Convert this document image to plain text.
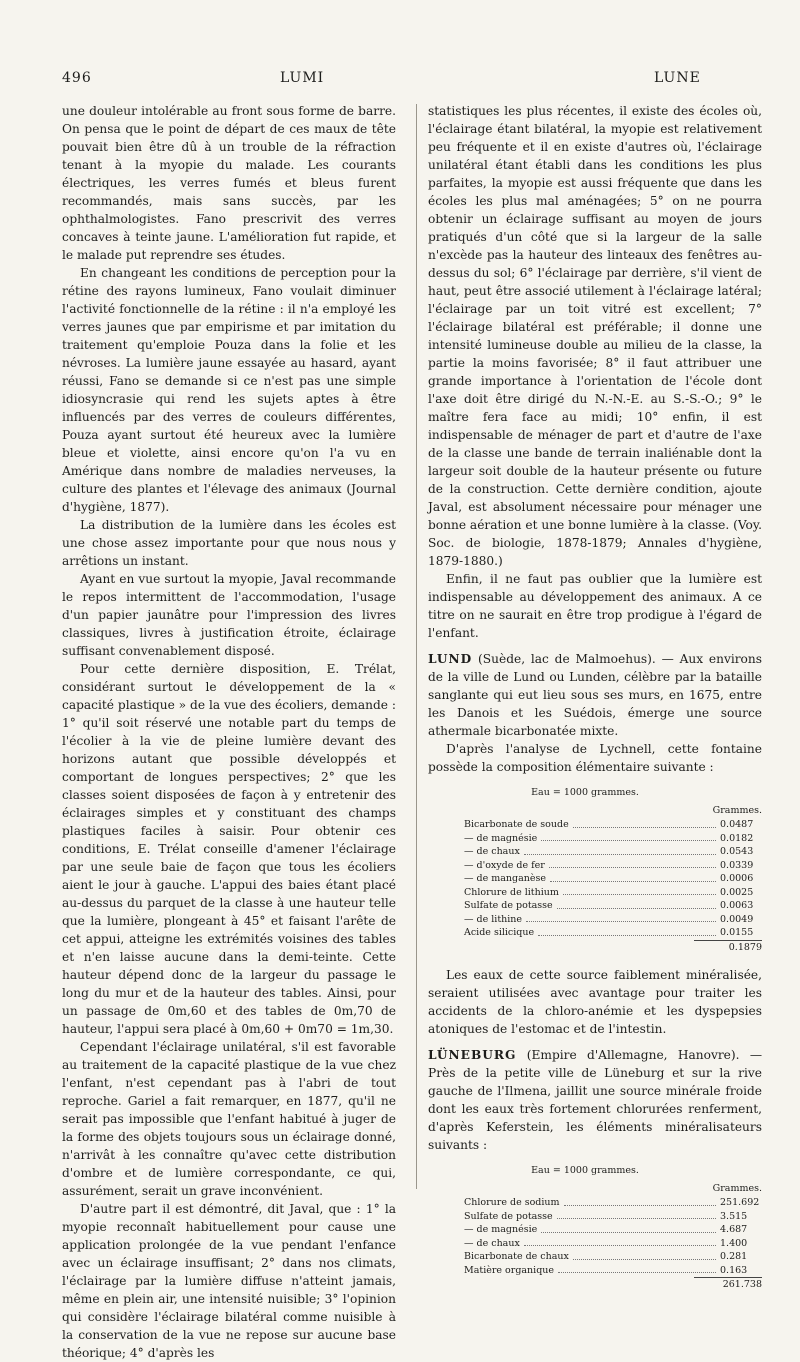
496	LUMI	LUNE

une douleur intolérable au front sous forme de barre. On pensa que le point de départ de ces maux de tête pouvait bien être dû à un trouble de la réfraction tenant à la myopie du malade. Les courants électriques, les verres fumés et bleus furent recommandés, mais sans succès, par les ophthalmologistes. Fano prescrivit des verres concaves à teinte jaune. L'amélioration fut rapide, et le malade put reprendre ses études.

En changeant les conditions de perception pour la rétine des rayons lumineux, Fano voulait diminuer l'activité fonctionnelle de la rétine : il n'a employé les verres jaunes que par empirisme et par imitation du traitement qu'emploie Pouza dans la folie et les névroses. La lumière jaune essayée au hasard, ayant réussi, Fano se demande si ce n'est pas une simple idiosyncrasie qui rend les sujets aptes à être influencés par des verres de couleurs différentes, Pouza ayant surtout été heureux avec la lumière bleue et violette, ainsi encore qu'on l'a vu en Amérique dans nombre de maladies nerveuses, la culture des plantes et l'élevage des animaux (Journal d'hygiène, 1877).

La distribution de la lumière dans les écoles est une chose assez importante pour que nous nous y arrêtions un instant.

Ayant en vue surtout la myopie, Javal recommande le repos intermittent de l'accommodation, l'usage d'un papier jaunâtre pour l'impression des livres classiques, livres à justification étroite, éclairage suffisant convenablement disposé.

Pour cette dernière disposition, E. Trélat, considérant surtout le développement de la « capacité plastique » de la vue des écoliers, demande : 1° qu'il soit réservé une notable part du temps de l'écolier à la vie de pleine lumière devant des horizons autant que possible développés et comportant de longues perspectives; 2° que les classes soient disposées de façon à y entretenir des éclairages simples et y constituant des champs plastiques faciles à saisir. Pour obtenir ces conditions, E. Trélat conseille d'amener l'éclairage par une seule baie de façon que tous les écoliers aient le jour à gauche. L'appui des baies étant placé au-dessus du parquet de la classe à une hauteur telle que la lumière, plongeant à 45° et faisant l'arête de cet appui, atteigne les extrémités voisines des tables et n'en laisse aucune dans la demi-teinte. Cette hauteur dépend donc de la largeur du passage le long du mur et de la hauteur des tables. Ainsi, pour un passage de 0m,60 et des tables de 0m,70 de hauteur, l'appui sera placé à 0m,60 + 0m70 = 1m,30.

Cependant l'éclairage unilatéral, s'il est favorable au traitement de la capacité plastique de la vue chez l'enfant, n'est cependant pas à l'abri de tout reproche. Gariel a fait remarquer, en 1877, qu'il ne serait pas impossible que l'enfant habitué à juger de la forme des objets toujours sous un éclairage donné, n'arrivât à les connaître qu'avec cette distribution d'ombre et de lumière correspondante, ce qui, assurément, serait un grave inconvénient.

D'autre part il est démontré, dit Javal, que : 1° la myopie reconnaît habituellement pour cause une application prolongée de la vue pendant l'enfance avec un éclairage insuffisant; 2° dans nos climats, l'éclairage par la lumière diffuse n'atteint jamais, même en plein air, une intensité nuisible; 3° l'opinion qui considère l'éclairage bilatéral comme nuisible à la conservation de la vue ne repose sur aucune base théorique; 4° d'après les

statistiques les plus récentes, il existe des écoles où, l'éclairage étant bilatéral, la myopie est relativement peu fréquente et il en existe d'autres où, l'éclairage unilatéral étant établi dans les conditions les plus parfaites, la myopie est aussi fréquente que dans les écoles les plus mal aménagées; 5° on ne pourra obtenir un éclairage suffisant au moyen de jours pratiqués d'un côté que si la largeur de la salle n'excède pas la hauteur des linteaux des fenêtres au-dessus du sol; 6° l'éclairage par derrière, s'il vient de haut, peut être associé utilement à l'éclairage latéral; l'éclairage par un toit vitré est excellent; 7° l'éclairage bilatéral est préférable; il donne une intensité lumineuse double au milieu de la classe, la partie la moins favorisée; 8° il faut attribuer une grande importance à l'orientation de l'école dont l'axe doit être dirigé du N.-N.-E. au S.-S.-O.; 9° le maître fera face au midi; 10° enfin, il est indispensable de ménager de part et d'autre de l'axe de la classe une bande de terrain inaliénable dont la largeur soit double de la hauteur présente ou future de la construction. Cette dernière condition, ajoute Javal, est absolument nécessaire pour ménager une bonne aération et une bonne lumière à la classe. (Voy. Soc. de biologie, 1878-1879; Annales d'hygiène, 1879-1880.)

Enfin, il ne faut pas oublier que la lumière est indispensable au développement des animaux. A ce titre on ne saurait en être trop prodigue à l'égard de l'enfant.

LUND (Suède, lac de Malmoehus). — Aux environs de la ville de Lund ou Lunden, célèbre par la bataille sanglante qui eut lieu sous ses murs, en 1675, entre les Danois et les Suédois, émerge une source athermale bicarbonatée mixte.

D'après l'analyse de Lychnell, cette fontaine possède la composition élémentaire suivante :

Eau = 1000 grammes.
Grammes.
Bicarbonate de soude	0.0487
— de magnésie	0.0182
— de chaux	0.0543
— d'oxyde de fer	0.0339
— de manganèse	0.0006
Chlorure de lithium	0.0025
Sulfate de potasse	0.0063
— de lithine	0.0049
Acide silicique	0.0155
0.1879

Les eaux de cette source faiblement minéralisée, seraient utilisées avec avantage pour traiter les accidents de la chloro-anémie et les dyspepsies atoniques de l'estomac et de l'intestin.

LÜNEBURG (Empire d'Allemagne, Hanovre). — Près de la petite ville de Lüneburg et sur la rive gauche de l'Ilmena, jaillit une source minérale froide dont les eaux très fortement chlorurées renferment, d'après Keferstein, les éléments minéralisateurs suivants :

Eau = 1000 grammes.
Grammes.
Chlorure de sodium	251.692
Sulfate de potasse	3.515
— de magnésie	4.687
— de chaux	1.400
Bicarbonate de chaux	0.281
Matière organique	0.163
261.738
